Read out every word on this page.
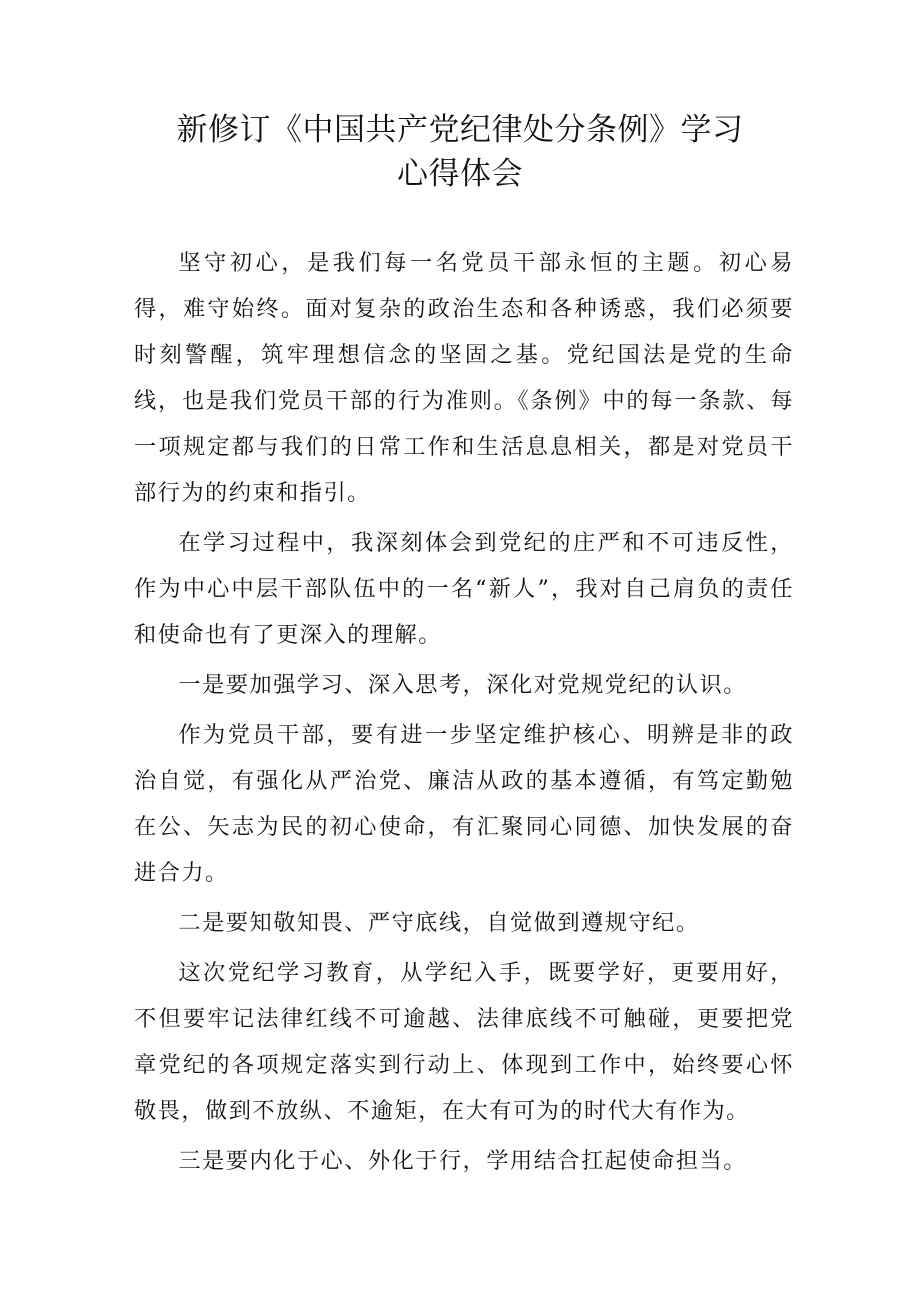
新修订《中国共产党纪律处分条例》学习
心得体会

坚守初心，是我们每一名党员干部永恒的主题。初心易得，难守始终。面对复杂的政治生态和各种诱惑，我们必须要时刻警醒，筑牢理想信念的坚固之基。党纪国法是党的生命线，也是我们党员干部的行为准则。《条例》中的每一条款、每一项规定都与我们的日常工作和生活息息相关，都是对党员干部行为的约束和指引。

在学习过程中，我深刻体会到党纪的庄严和不可违反性，作为中心中层干部队伍中的一名“新人”，我对自己肩负的责任和使命也有了更深入的理解。

一是要加强学习、深入思考，深化对党规党纪的认识。

作为党员干部，要有进一步坚定维护核心、明辨是非的政治自觉，有强化从严治党、廉洁从政的基本遵循，有笃定勤勉在公、矢志为民的初心使命，有汇聚同心同德、加快发展的奋进合力。

二是要知敬知畏、严守底线，自觉做到遵规守纪。

这次党纪学习教育，从学纪入手，既要学好，更要用好，不但要牢记法律红线不可逾越、法律底线不可触碰，更要把党章党纪的各项规定落实到行动上、体现到工作中，始终要心怀敬畏，做到不放纵、不逾矩，在大有可为的时代大有作为。

三是要内化于心、外化于行，学用结合扛起使命担当。
